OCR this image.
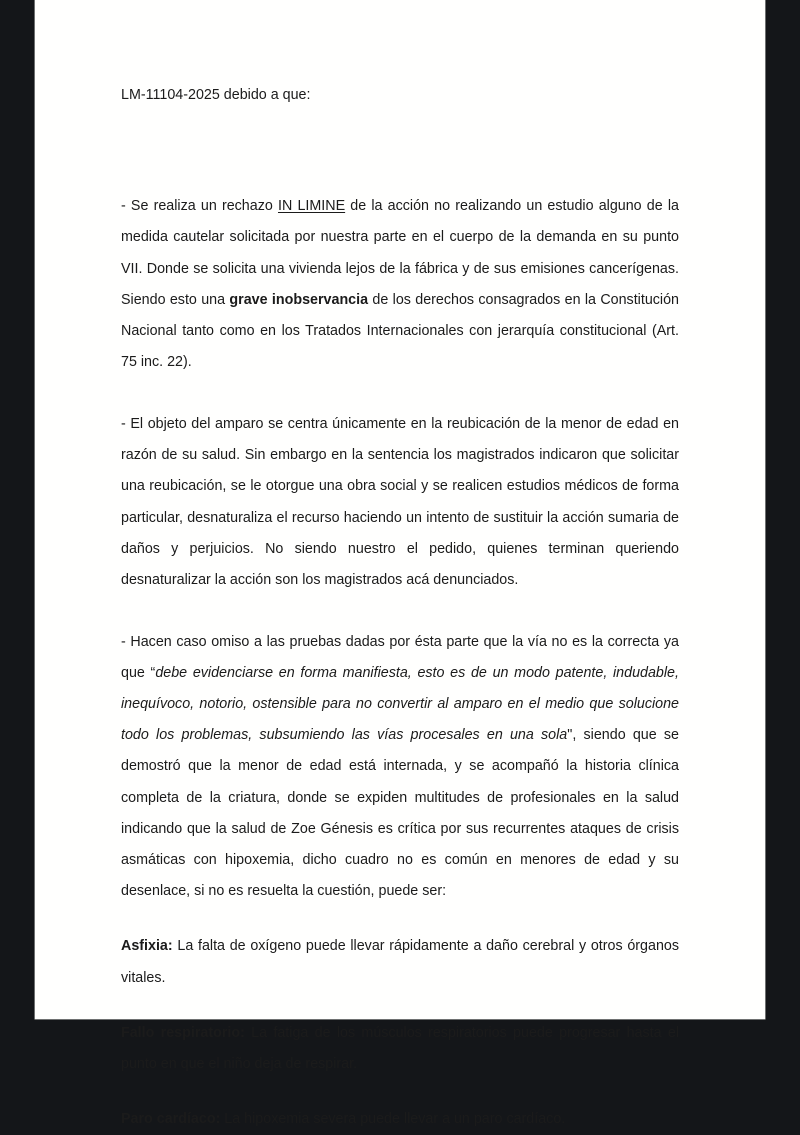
LM-11104-2025 debido a que:

- Se realiza un rechazo IN LIMINE de la acción no realizando un estudio alguno de la medida cautelar solicitada por nuestra parte en el cuerpo de la demanda en su punto VII. Donde se solicita una vivienda lejos de la fábrica y de sus emisiones cancerígenas. Siendo esto una grave inobservancia de los derechos consagrados en la Constitución Nacional tanto como en los Tratados Internacionales con jerarquía constitucional (Art. 75 inc. 22).

- El objeto del amparo se centra únicamente en la reubicación de la menor de edad en razón de su salud. Sin embargo en la sentencia los magistrados indicaron que solicitar una reubicación, se le otorgue una obra social y se realicen estudios médicos de forma particular, desnaturaliza el recurso haciendo un intento de sustituir la acción sumaria de daños y perjuicios. No siendo nuestro el pedido, quienes terminan queriendo desnaturalizar la acción son los magistrados acá denunciados.

- Hacen caso omiso a las pruebas dadas por ésta parte que la vía no es la correcta ya que “debe evidenciarse en forma manifiesta, esto es de un modo patente, indudable, inequívoco, notorio, ostensible para no convertir al amparo en el medio que solucione todo los problemas, subsumiendo las vías procesales en una sola", siendo que se demostró que la menor de edad está internada, y se acompañó la historia clínica completa de la criatura, donde se expiden multitudes de profesionales en la salud indicando que la salud de Zoe Génesis es crítica por sus recurrentes ataques de crisis asmáticas con hipoxemia, dicho cuadro no es común en menores de edad y su desenlace, si no es resuelta la cuestión, puede ser:

Asfixia: La falta de oxígeno puede llevar rápidamente a daño cerebral y otros órganos vitales.

Fallo respiratorio: La fatiga de los músculos respiratorios puede progresar hasta el punto en que el niño deja de respirar.

Paro cardíaco: La hipoxemia severa puede llevar a un paro cardíaco.
